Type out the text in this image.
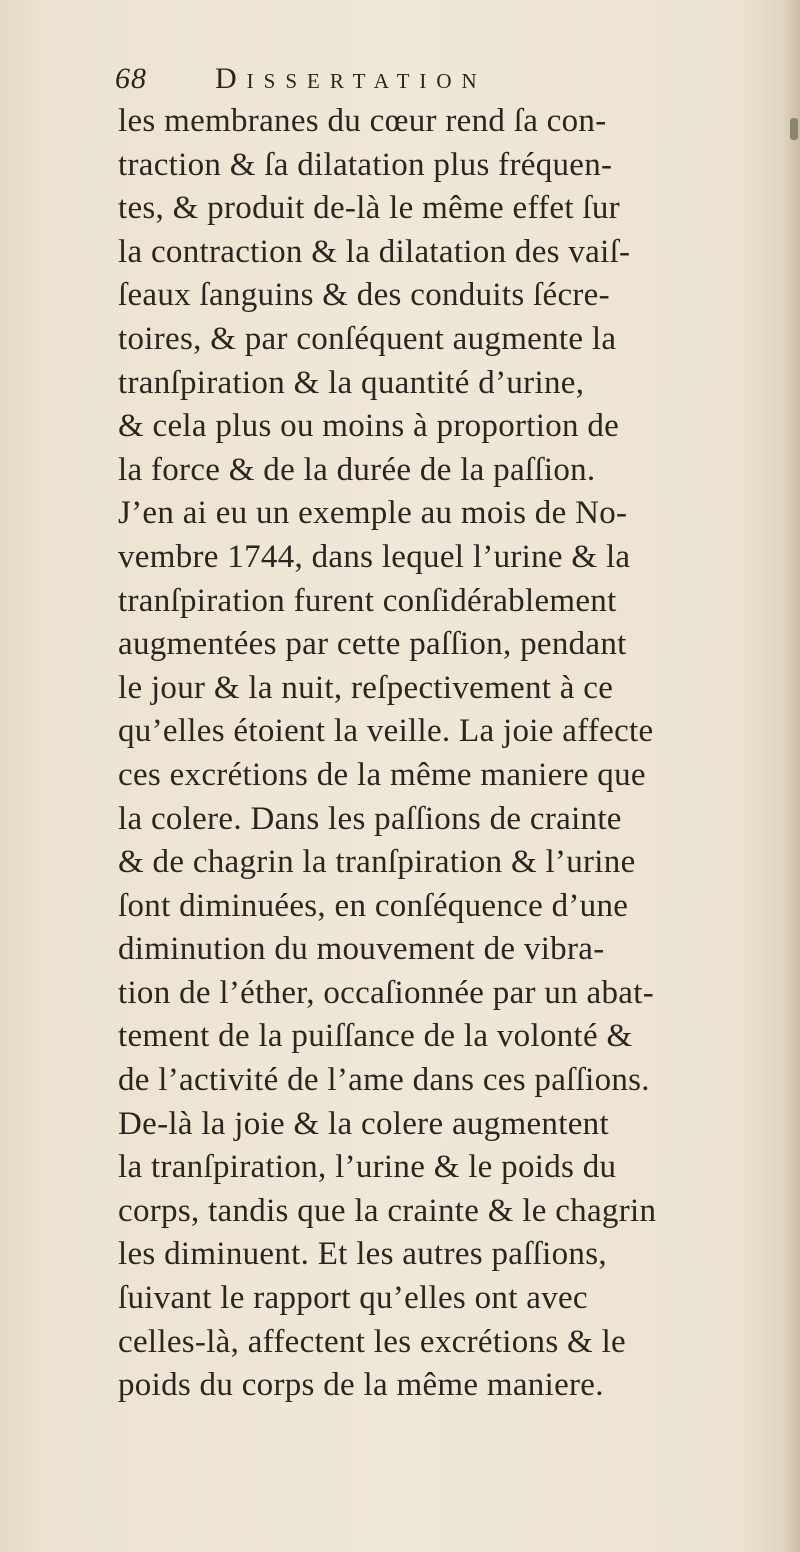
68 Dissertation
les membranes du cœur rend ſa con-
traction & ſa dilatation plus fréquen-
tes, & produit de-là le même effet ſur
la contraction & la dilatation des vaiſ-
ſeaux ſanguins & des conduits ſécre-
toires, & par conſéquent augmente la
tranſpiration & la quantité d’urine,
& cela plus ou moins à proportion de
la force & de la durée de la paſſion.
J’en ai eu un exemple au mois de No-
vembre 1744, dans lequel l’urine & la
tranſpiration furent conſidérablement
augmentées par cette paſſion, pendant
le jour & la nuit, reſpectivement à ce
qu’elles étoient la veille. La joie affecte
ces excrétions de la même maniere que
la colere. Dans les paſſions de crainte
& de chagrin la tranſpiration & l’urine
ſont diminuées, en conſéquence d’une
diminution du mouvement de vibra-
tion de l’éther, occaſionnée par un abat-
tement de la puiſſance de la volonté &
de l’activité de l’ame dans ces paſſions.
De-là la joie & la colere augmentent
la tranſpiration, l’urine & le poids du
corps, tandis que la crainte & le chagrin
les diminuent. Et les autres paſſions,
ſuivant le rapport qu’elles ont avec
celles-là, affectent les excrétions & le
poids du corps de la même maniere.
